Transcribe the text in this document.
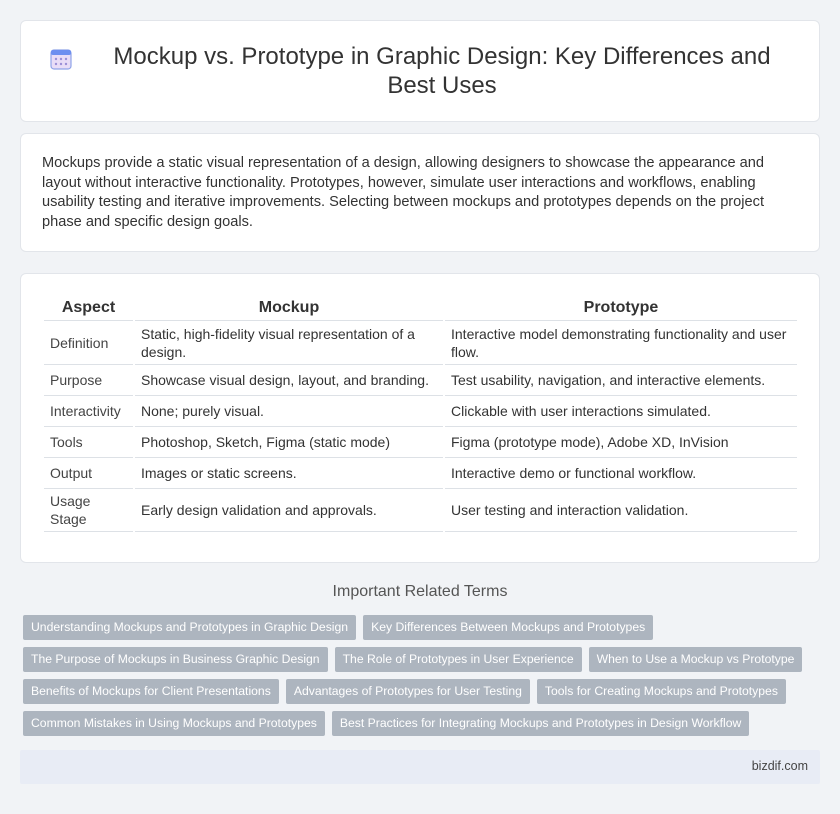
Mockup vs. Prototype in Graphic Design: Key Differences and Best Uses

Mockups provide a static visual representation of a design, allowing designers to showcase the appearance and layout without interactive functionality. Prototypes, however, simulate user interactions and workflows, enabling usability testing and iterative improvements. Selecting between mockups and prototypes depends on the project phase and specific design goals.

Aspect	Mockup	Prototype
Definition	Static, high-fidelity visual representation of a design.	Interactive model demonstrating functionality and user flow.
Purpose	Showcase visual design, layout, and branding.	Test usability, navigation, and interactive elements.
Interactivity	None; purely visual.	Clickable with user interactions simulated.
Tools	Photoshop, Sketch, Figma (static mode)	Figma (prototype mode), Adobe XD, InVision
Output	Images or static screens.	Interactive demo or functional workflow.
Usage Stage	Early design validation and approvals.	User testing and interaction validation.
Important Related Terms
Understanding Mockups and Prototypes in Graphic Design	Key Differences Between Mockups and Prototypes
The Purpose of Mockups in Business Graphic Design	The Role of Prototypes in User Experience	When to Use a Mockup vs Prototype
Benefits of Mockups for Client Presentations	Advantages of Prototypes for User Testing	Tools for Creating Mockups and Prototypes
Common Mistakes in Using Mockups and Prototypes	Best Practices for Integrating Mockups and Prototypes in Design Workflow
bizdif.com
